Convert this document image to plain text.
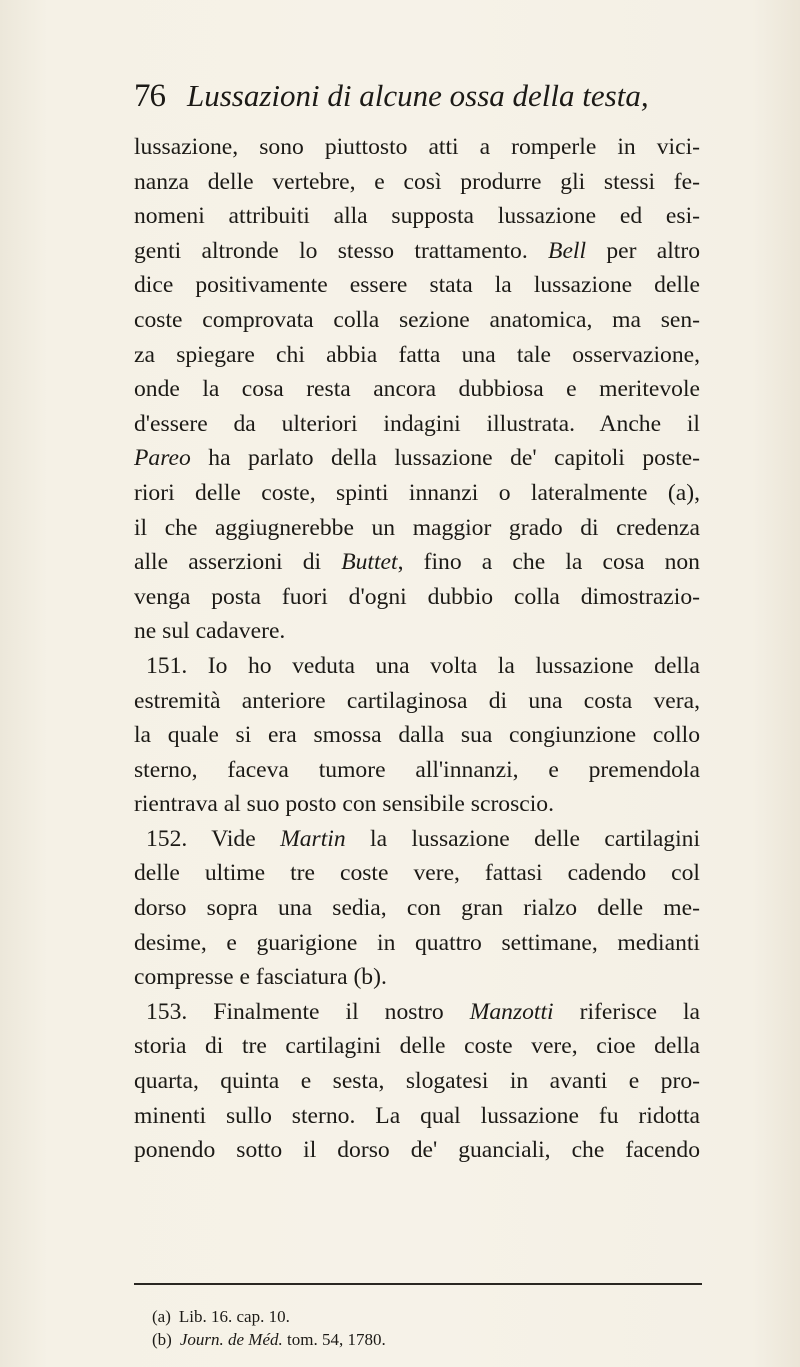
76 Lussazioni di alcune ossa della testa,
lussazione, sono piuttosto atti a romperle in vici-
nanza delle vertebre, e così produrre gli stessi fe-
nomeni attribuiti alla supposta lussazione ed esi-
genti altronde lo stesso trattamento. Bell per altro
dice positivamente essere stata la lussazione delle
coste comprovata colla sezione anatomica, ma sen-
za spiegare chi abbia fatta una tale osservazione,
onde la cosa resta ancora dubbiosa e meritevole
d'essere da ulteriori indagini illustrata. Anche il
Pareo ha parlato della lussazione de' capitoli poste-
riori delle coste, spinti innanzi o lateralmente (a),
il che aggiugnerebbe un maggior grado di credenza
alle asserzioni di Buttet, fino a che la cosa non
venga posta fuori d'ogni dubbio colla dimostrazio-
ne sul cadavere.
151. Io ho veduta una volta la lussazione della
estremità anteriore cartilaginosa di una costa vera,
la quale si era smossa dalla sua congiunzione collo
sterno, faceva tumore all'innanzi, e premendola
rientrava al suo posto con sensibile scroscio.
152. Vide Martin la lussazione delle cartilagini
delle ultime tre coste vere, fattasi cadendo col
dorso sopra una sedia, con gran rialzo delle me-
desime, e guarigione in quattro settimane, medianti
compresse e fasciatura (b).
153. Finalmente il nostro Manzotti riferisce la
storia di tre cartilagini delle coste vere, cioe della
quarta, quinta e sesta, slogatesi in avanti e pro-
minenti sullo sterno. La qual lussazione fu ridotta
ponendo sotto il dorso de' guanciali, che facendo
(a) Lib. 16. cap. 10.
(b) Journ. de Méd. tom. 54, 1780.
